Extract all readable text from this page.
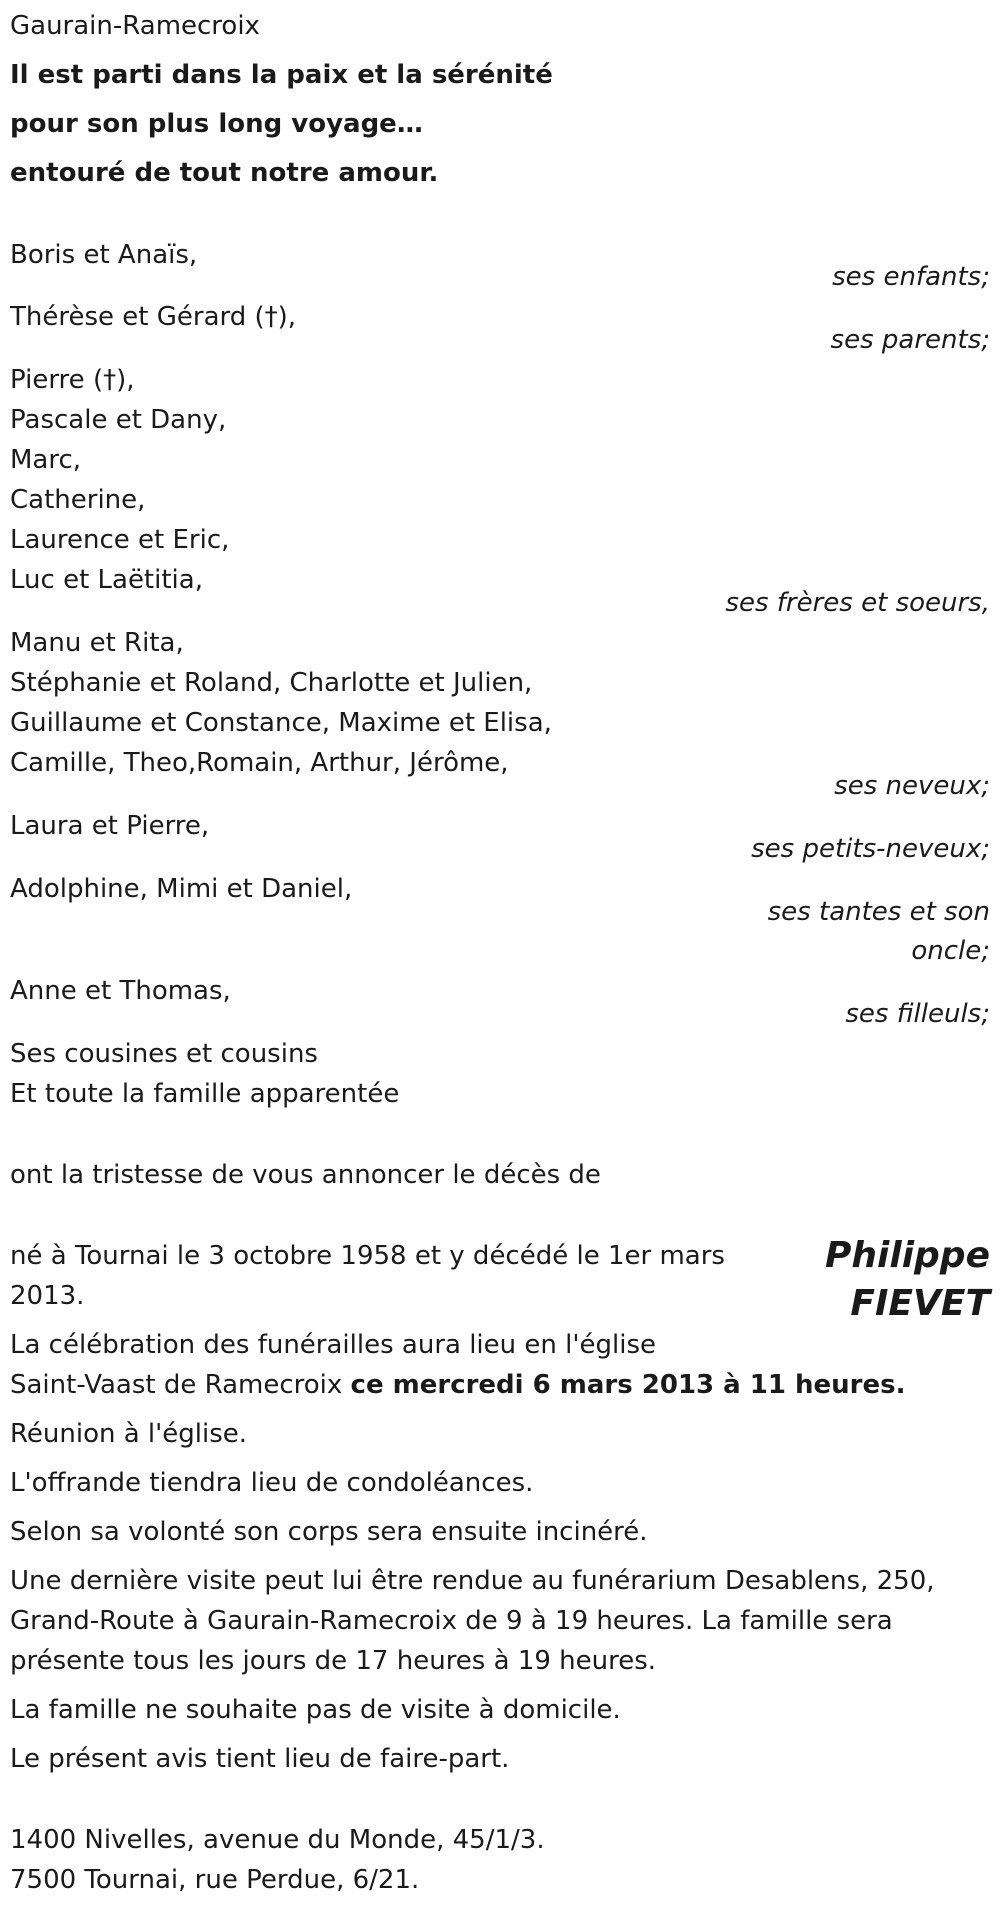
Gaurain-Ramecroix
Il est parti dans la paix et la sérénité
pour son plus long voyage…
entouré de tout notre amour.
Boris et Anaïs,
ses enfants;
Thérèse et Gérard (†),
ses parents;
Pierre (†),
Pascale et Dany,
Marc,
Catherine,
Laurence et Eric,
Luc et Laëtitia,
ses frères et soeurs,
Manu et Rita,
Stéphanie et Roland, Charlotte et Julien,
Guillaume et Constance, Maxime et Elisa,
Camille, Theo,Romain, Arthur, Jérôme,
ses neveux;
Laura et Pierre,
ses petits-neveux;
Adolphine, Mimi et Daniel,
ses tantes et son
oncle;
Anne et Thomas,
ses filleuls;
Ses cousines et cousins
Et toute la famille apparentée
ont la tristesse de vous annoncer le décès de
Philippe
FIEVET
né à Tournai le 3 octobre 1958 et y décédé le 1er mars 2013.
La célébration des funérailles aura lieu en l'église
Saint-Vaast de Ramecroix ce mercredi 6 mars 2013 à 11 heures.
Réunion à l'église.
L'offrande tiendra lieu de condoléances.
Selon sa volonté son corps sera ensuite incinéré.
Une dernière visite peut lui être rendue au funérarium Desablens, 250, Grand-Route à Gaurain-Ramecroix de 9 à 19 heures. La famille sera présente tous les jours de 17 heures à 19 heures.
La famille ne souhaite pas de visite à domicile.
Le présent avis tient lieu de faire-part.
1400 Nivelles, avenue du Monde, 45/1/3.
7500 Tournai, rue Perdue, 6/21.
